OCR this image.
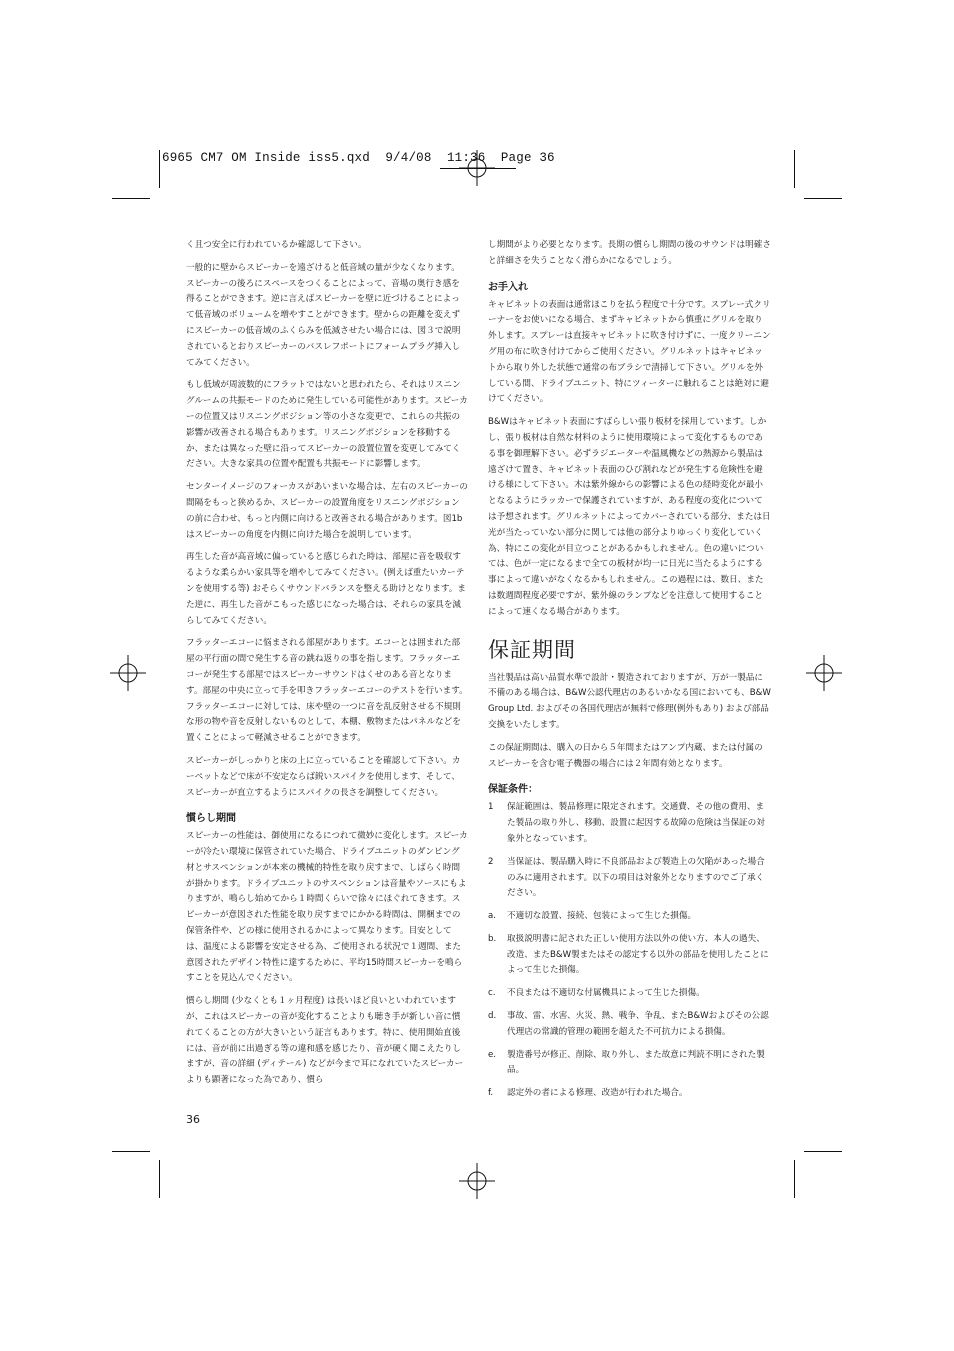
6965 CM7 OM Inside iss5.qxd  9/4/08  11:36  Page 36

く且つ安全に行われているか確認して下さい。

一般的に壁からスピーカーを遠ざけると低音域の量が少なくなります。スピーカーの後ろにスペースをつくることによって、音場の奥行き感を得ることができます。逆に言えばスピーカーを壁に近づけることによって低音域のボリュームを増やすことができます。壁からの距離を変えずにスピーカーの低音域のふくらみを低減させたい場合には、図３で説明されているとおりスピーカーのバスレフポートにフォームプラグ挿入してみてください。

もし低域が周波数的にフラットではないと思われたら、それはリスニングルームの共振モードのために発生している可能性があります。スピーカーの位置又はリスニングポジション等の小さな変更で、これらの共振の影響が改善される場合もあります。リスニングポジションを移動するか、または異なった壁に沿ってスピーカーの設置位置を変更してみてください。大きな家具の位置や配置も共振モードに影響します。

センターイメージのフォーカスがあいまいな場合は、左右のスピーカーの間隔をもっと狭めるか、スピーカーの設置角度をリスニングポジションの前に合わせ、もっと内側に向けると改善される場合があります。図1bはスピーカーの角度を内側に向けた場合を説明しています。

再生した音が高音域に偏っていると感じられた時は、部屋に音を吸収するような柔らかい家具等を増やしてみてください。(例えば重たいカーテンを使用する等) おそらくサウンドバランスを整える助けとなります。また逆に、再生した音がこもった感じになった場合は、それらの家具を減らしてみてください。

フラッターエコーに悩まされる部屋があります。エコーとは囲まれた部屋の平行面の間で発生する音の跳ね返りの事を指します。フラッターエコーが発生する部屋ではスピーカーサウンドはくせのある音となります。部屋の中央に立って手を叩きフラッターエコーのテストを行います。フラッターエコーに対しては、床や壁の一つに音を乱反射させる不規則な形の物や音を反射しないものとして、本棚、敷物またはパネルなどを置くことによって軽減させることができます。

スピーカーがしっかりと床の上に立っていることを確認して下さい。カーペットなどで床が不安定ならば鋭いスパイクを使用します、そして、スピーカーが直立するようにスパイクの長さを調整してください。

慣らし期間

スピーカーの性能は、御使用になるにつれて微妙に変化します。スピーカーが冷たい環境に保管されていた場合、ドライブユニットのダンピング材とサスペンションが本来の機械的特性を取り戻すまで、しばらく時間が掛かります。ドライブユニットのサスペンションは音量やソースにもよりますが、鳴らし始めてから１時間くらいで徐々にほぐれてきます。スピーカーが意図された性能を取り戻すまでにかかる時間は、開梱までの保管条件や、どの様に使用されるかによって異なります。目安としては、温度による影響を安定させる為、ご使用される状況で１週間、また意図されたデザイン特性に達するために、平均15時間スピーカーを鳴らすことを見込んでください。

慣らし期間 (少なくとも１ヶ月程度) は長いほど良いといわれていますが、これはスピーカーの音が変化することよりも聴き手が新しい音に慣れてくることの方が大きいという証言もあります。特に、使用開始直後には、音が前に出過ぎる等の違和感を感じたり、音が硬く聞こえたりしますが、音の詳細 (ディテール) などが今まで耳になれていたスピーカーよりも顕著になった為であり、慣ら

し期間がより必要となります。長期の慣らし期間の後のサウンドは明確さと詳細さを失うことなく滑らかになるでしょう。

お手入れ

キャビネットの表面は通常ほこりを払う程度で十分です。スプレー式クリーナーをお使いになる場合、まずキャビネットから慎重にグリルを取り外します。スプレーは直接キャビネットに吹き付けずに、一度クリーニング用の布に吹き付けてからご使用ください。グリルネットはキャビネットから取り外した状態で通常の布ブラシで清掃して下さい。グリルを外している間、ドライブユニット、特にツィーターに触れることは絶対に避けてください。

B&Wはキャビネット表面にすばらしい張り板材を採用しています。しかし、張り板材は自然な材料のように使用環境によって変化するものである事を御理解下さい。必ずラジエーターや温風機などの熱源から製品は遠ざけて置き、キャビネット表面のひび割れなどが発生する危険性を避ける様にして下さい。木は紫外線からの影響による色の経時変化が最小となるようにラッカーで保護されていますが、ある程度の変化については予想されます。グリルネットによってカバーされている部分、または日光が当たっていない部分に関しては他の部分よりゆっくり変化していく為、特にこの変化が目立つことがあるかもしれません。色の違いについては、色が一定になるまで全ての板材が均一に日光に当たるようにする事によって違いがなくなるかもしれません。この過程には、数日、または数週間程度必要ですが、紫外線のランプなどを注意して使用することによって速くなる場合があります。

保証期間

当社製品は高い品質水準で設計・製造されておりますが、万が一製品に不備のある場合は、B&W公認代理店のあるいかなる国においても、B&W Group Ltd. およびその各国代理店が無料で修理(例外もあり) および部品交換をいたします。

この保証期間は、購入の日から５年間またはアンプ内蔵、または付属のスピーカーを含む電子機器の場合には２年間有効となります。

保証条件：
1	保証範囲は、製品修理に限定されます。交通費、その他の費用、また製品の取り外し、移動、設置に起因する故障の危険は当保証の対象外となっています。
2	当保証は、製品購入時に不良部品および製造上の欠陥があった場合のみに適用されます。以下の項目は対象外となりますのでご了承ください。
a.	不適切な設置、接続、包装によって生じた損傷。
b.	取扱説明書に記された正しい使用方法以外の使い方、本人の過失、改造、またB&W製またはその認定する以外の部品を使用したことによって生じた損傷。
c.	不良または不適切な付属機具によって生じた損傷。
d.	事故、雷、水害、火災、熱、戦争、争乱、またB&Wおよびその公認代理店の常識的管理の範囲を超えた不可抗力による損傷。
e.	製造番号が修正、削除、取り外し、また故意に判読不明にされた製品。
f.	認定外の者による修理、改造が行われた場合。
36
